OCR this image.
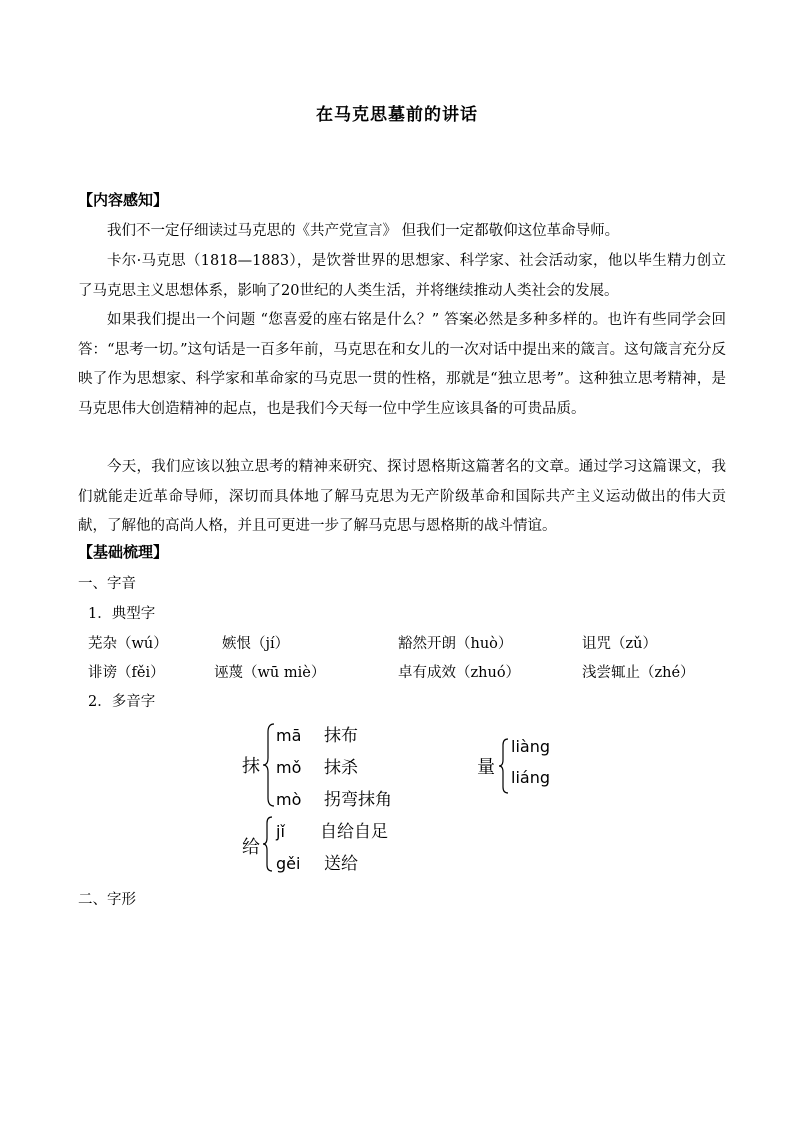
在马克思墓前的讲话
【内容感知】

我们不一定仔细读过马克思的《共产党宣言》 但我们一定都敬仰这位革命导师。

卡尔·马克思（1818—1883），是饮誉世界的思想家、科学家、社会活动家，他以毕生精力创立了马克思主义思想体系，影响了20世纪的人类生活，并将继续推动人类社会的发展。

如果我们提出一个问题 “您喜爱的座右铭是什么？” 答案必然是多种多样的。也许有些同学会回答：“思考一切。”这句话是一百多年前，马克思在和女儿的一次对话中提出来的箴言。这句箴言充分反映了作为思想家、科学家和革命家的马克思一贯的性格，那就是“独立思考”。这种独立思考精神，是马克思伟大创造精神的起点，也是我们今天每一位中学生应该具备的可贵品质。

今天，我们应该以独立思考的精神来研究、探讨恩格斯这篇著名的文章。通过学习这篇课文，我们就能走近革命导师，深切而具体地了解马克思为无产阶级革命和国际共产主义运动做出的伟大贡献，了解他的高尚人格，并且可更进一步了解马克思与恩格斯的战斗情谊。

【基础梳理】
一、字音
1．典型字
芜杂（wú）	嫉恨（jí）	豁然开朗（huò）	诅咒（zǔ）
诽谤（fěi）	诬蔑（wū miè）	卓有成效（zhuó）	浅尝辄止（zhé）
2．多音字
抹
mā 抹布
mǒ 抹杀
mò 拐弯抹角
量
liàng
liáng
给
jǐ 自给自足
gěi 送给
二、字形
